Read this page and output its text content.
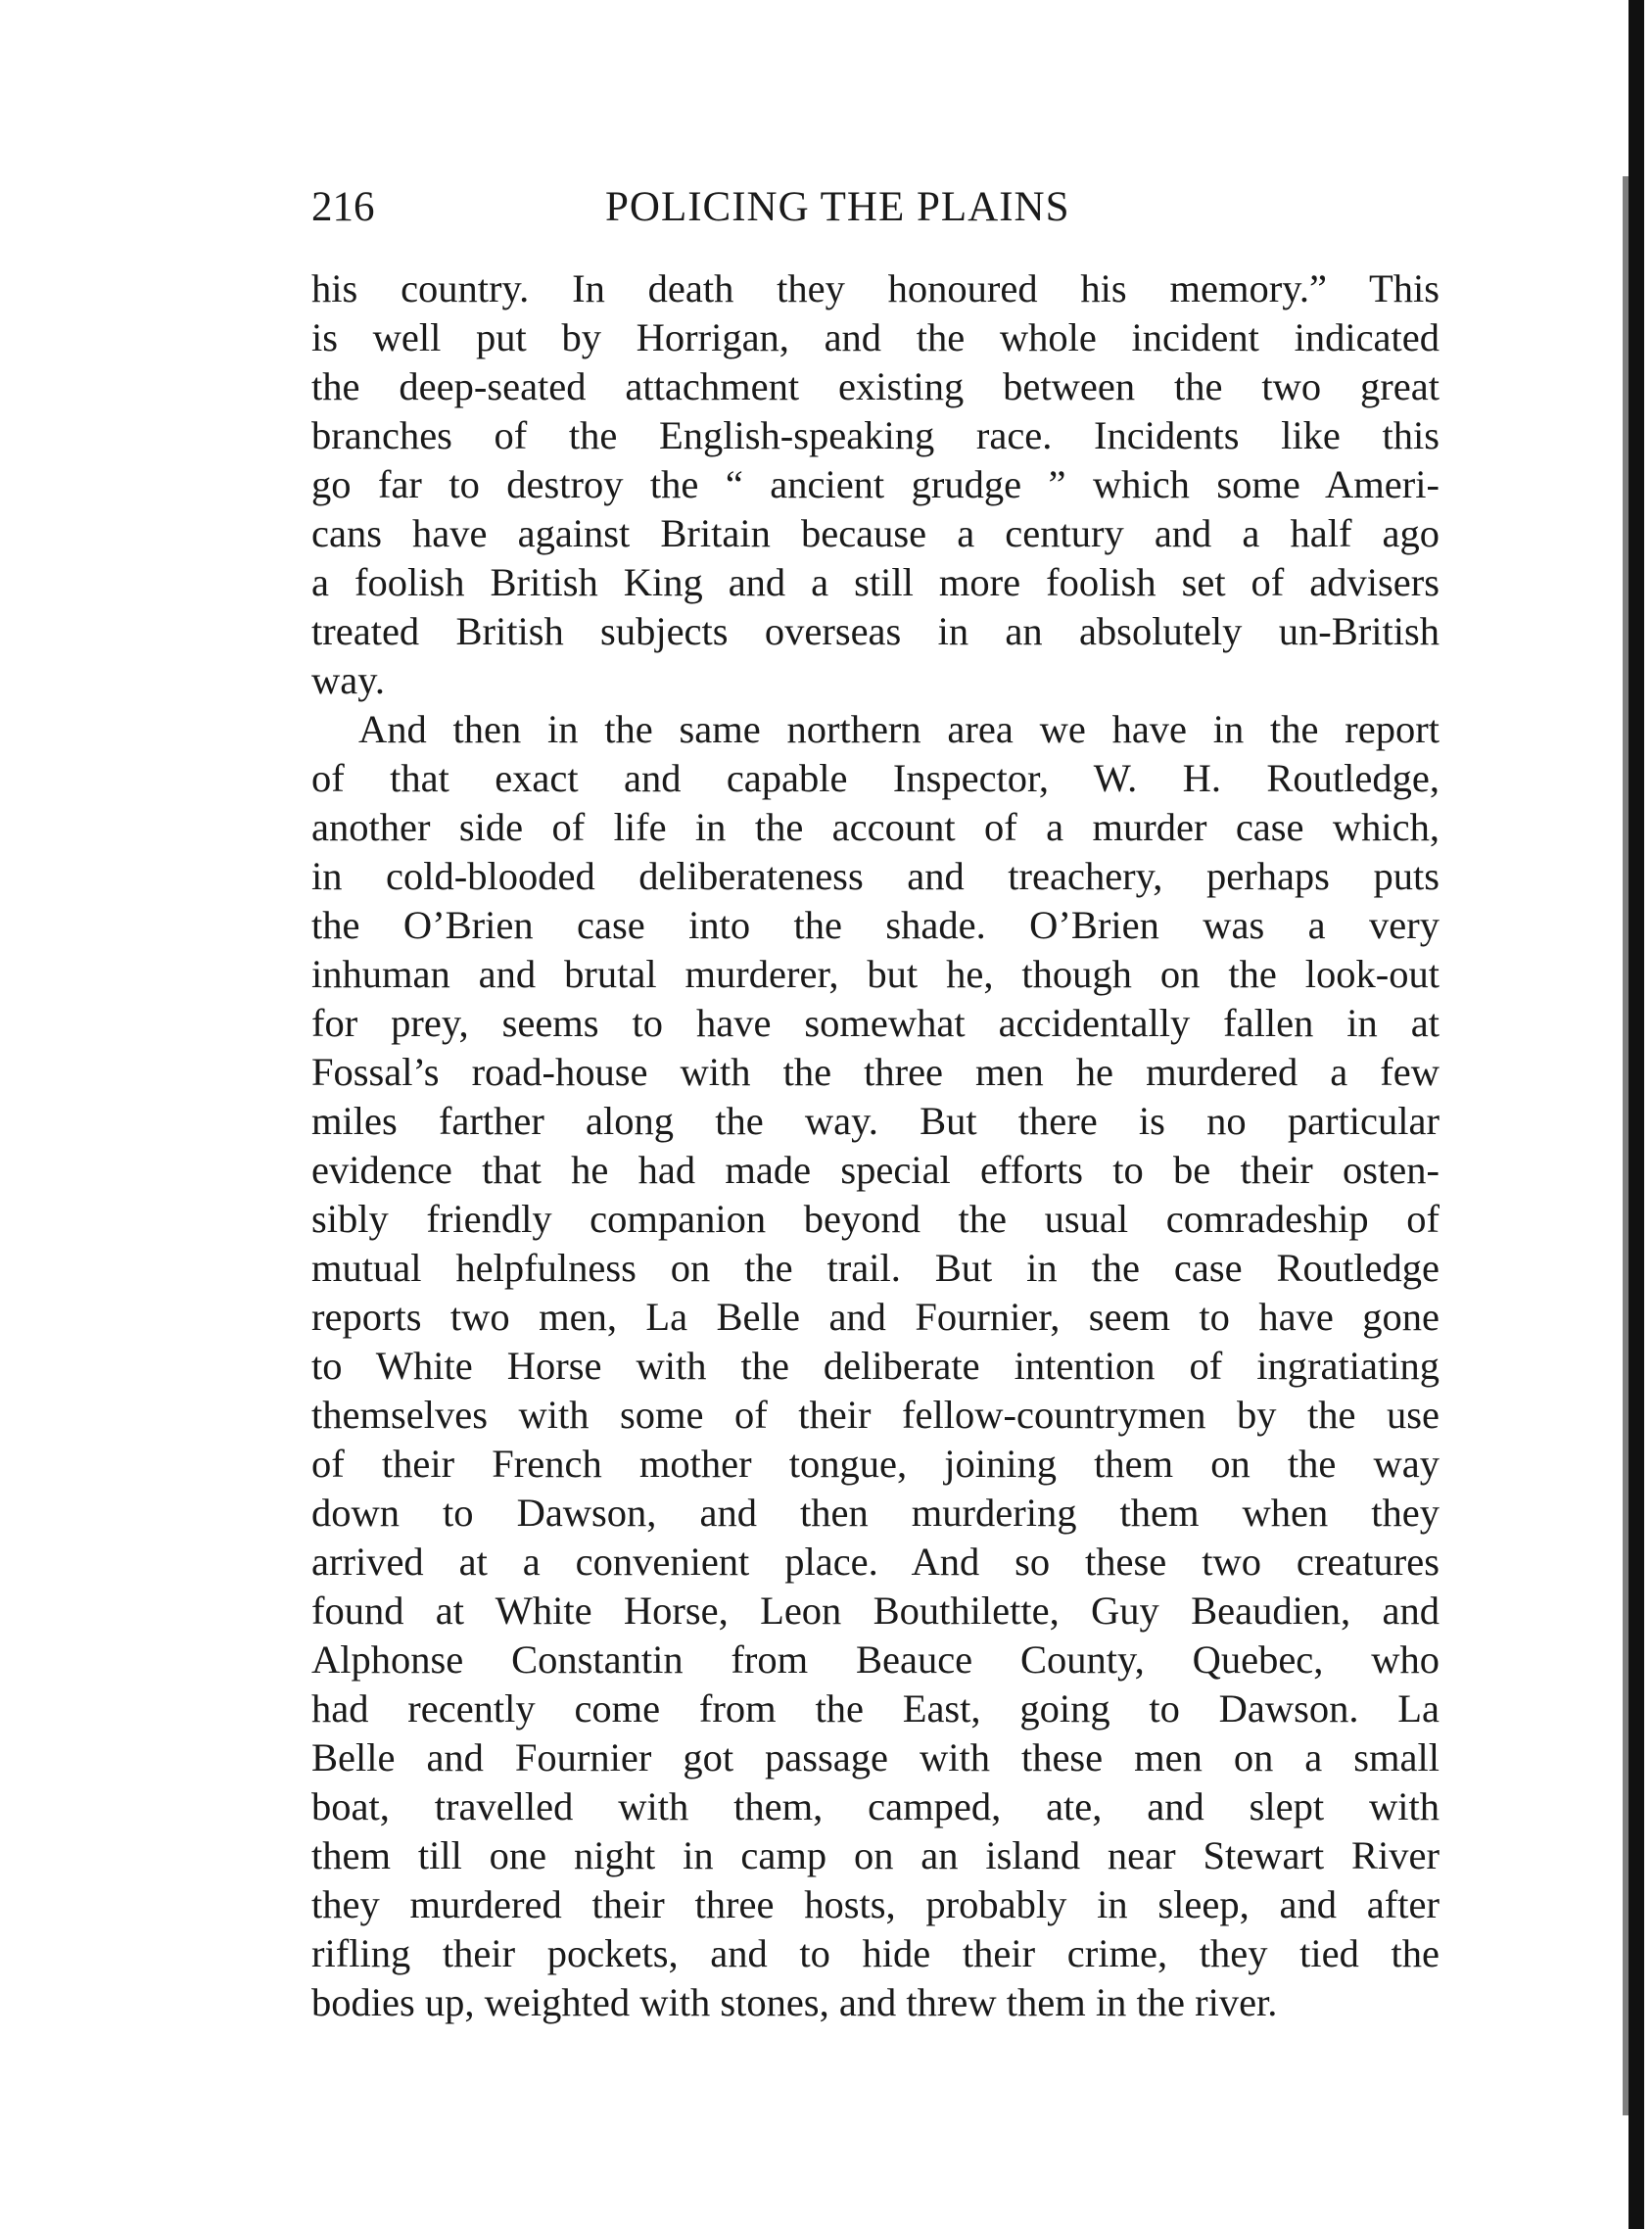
216	POLICING THE PLAINS
his country. In death they honoured his memory.” This
is well put by Horrigan, and the whole incident indicated
the deep-seated attachment existing between the two great
branches of the English-speaking race. Incidents like this
go far to destroy the “ ancient grudge ” which some Ameri-
cans have against Britain because a century and a half ago
a foolish British King and a still more foolish set of advisers
treated British subjects overseas in an absolutely un-British
way.
And then in the same northern area we have in the report
of that exact and capable Inspector, W. H. Routledge,
another side of life in the account of a murder case which,
in cold-blooded deliberateness and treachery, perhaps puts
the O’Brien case into the shade. O’Brien was a very
inhuman and brutal murderer, but he, though on the look-out
for prey, seems to have somewhat accidentally fallen in at
Fossal’s road-house with the three men he murdered a few
miles farther along the way. But there is no particular
evidence that he had made special efforts to be their osten-
sibly friendly companion beyond the usual comradeship of
mutual helpfulness on the trail. But in the case Routledge
reports two men, La Belle and Fournier, seem to have gone
to White Horse with the deliberate intention of ingratiating
themselves with some of their fellow-countrymen by the use
of their French mother tongue, joining them on the way
down to Dawson, and then murdering them when they
arrived at a convenient place. And so these two creatures
found at White Horse, Leon Bouthilette, Guy Beaudien, and
Alphonse Constantin from Beauce County, Quebec, who
had recently come from the East, going to Dawson. La
Belle and Fournier got passage with these men on a small
boat, travelled with them, camped, ate, and slept with
them till one night in camp on an island near Stewart River
they murdered their three hosts, probably in sleep, and after
rifling their pockets, and to hide their crime, they tied the
bodies up, weighted with stones, and threw them in the river.
